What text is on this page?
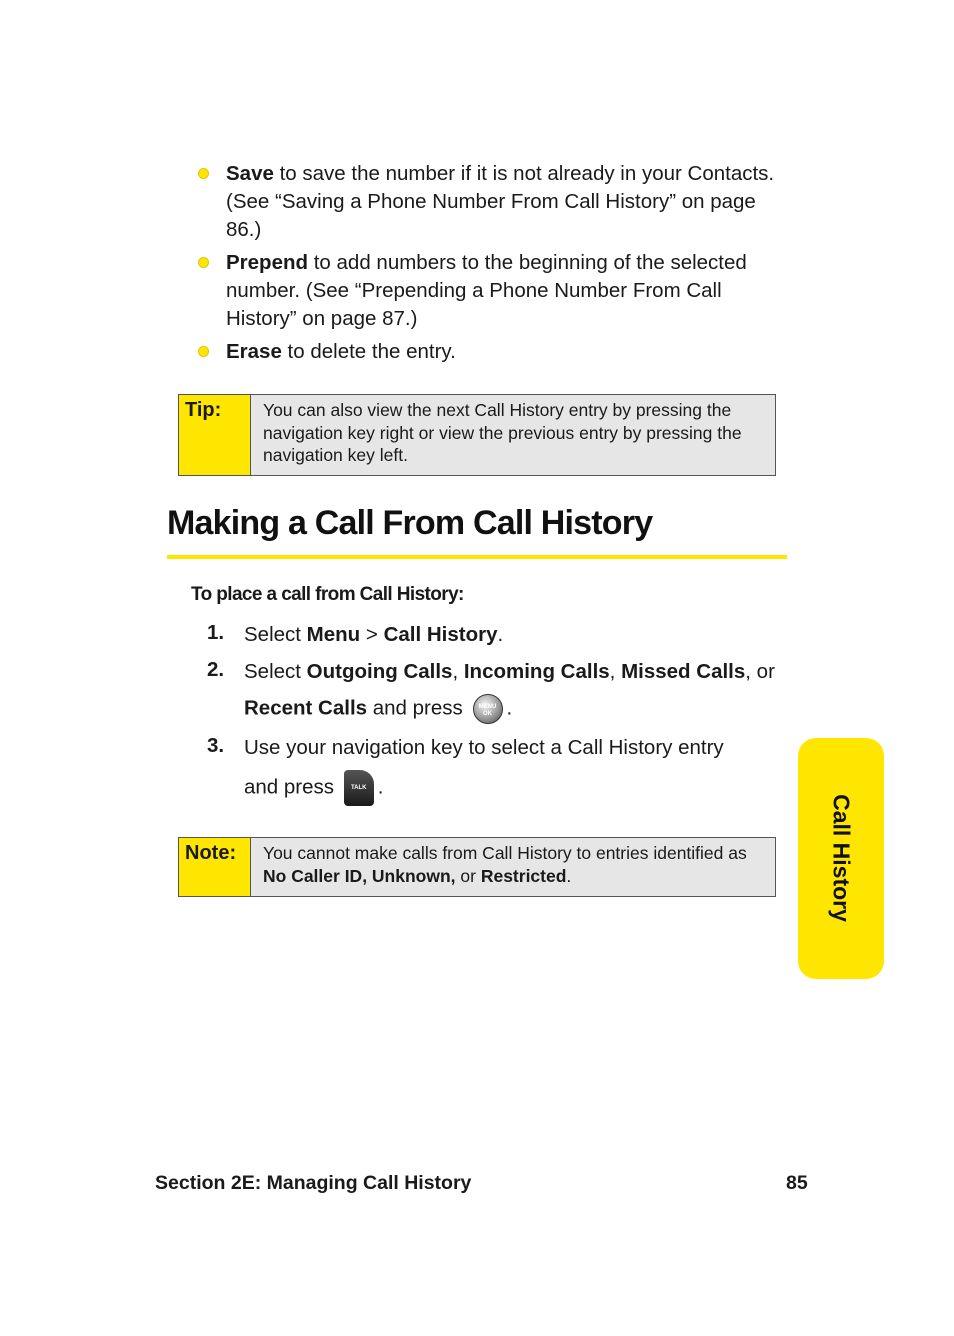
Save to save the number if it is not already in your Contacts. (See “Saving a Phone Number From Call History” on page 86.)
Prepend to add numbers to the beginning of the selected number. (See “Prepending a Phone Number From Call History” on page 87.)
Erase to delete the entry.
Tip:	You can also view the next Call History entry by pressing the navigation key right or view the previous entry by pressing the navigation key left.
Making a Call From Call History
To place a call from Call History:
1. Select Menu > Call History.
2. Select Outgoing Calls, Incoming Calls, Missed Calls, or
Recent Calls and press	MENU
OK .
3. Use your navigation key to select a Call History entry
and press	TALK .
Note:	You cannot make calls from Call History to entries identified as No Caller ID, Unknown, or Restricted.	Call History
Section 2E: Managing Call History	85
